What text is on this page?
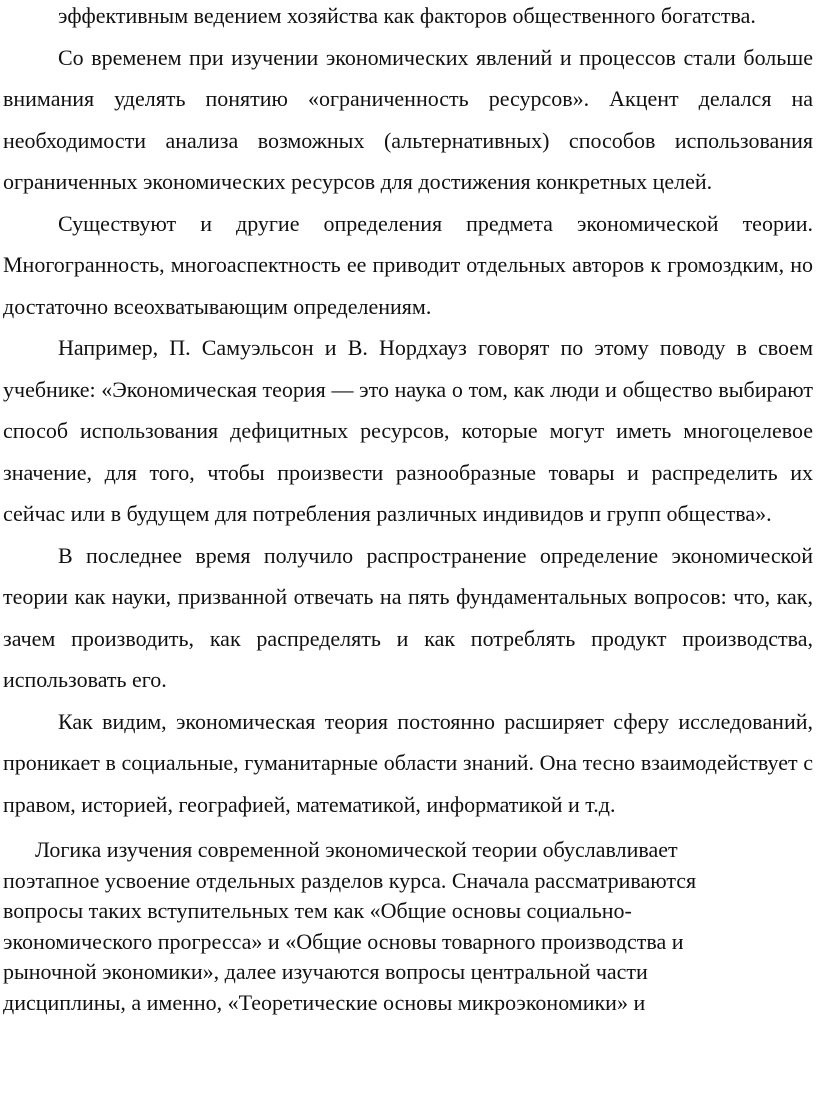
эффективным ведением хозяйства как факторов общественного богатства.

Со временем при изучении экономических явлений и процессов стали больше внимания уделять понятию «ограниченность ресурсов». Акцент делался на необходимости анализа возможных (альтернативных) способов использования ограниченных экономических ресурсов для достижения конкретных целей.

Существуют и другие определения предмета экономической теории. Многогранность, многоаспектность ее приводит отдельных авторов к громоздким, но достаточно всеохватывающим определениям.

Например, П. Самуэльсон и В. Нордхауз говорят по этому поводу в своем учебнике: «Экономическая теория — это наука о том, как люди и общество выбирают способ использования дефицитных ресурсов, которые могут иметь многоцелевое значение, для того, чтобы произвести разнообразные товары и распределить их сейчас или в будущем для потребления различных индивидов и групп общества».

В последнее время получило распространение определение экономической теории как науки, призванной отвечать на пять фундаментальных вопросов: что, как, зачем производить, как распределять и как потреблять продукт производства, использовать его.

Как видим, экономическая теория постоянно расширяет сферу исследований, проникает в социальные, гуманитарные области знаний. Она тесно взаимодействует с правом, историей, географией, математикой, информатикой и т.д.

Логика изучения современной экономической теории обуславливает поэтапное усвоение отдельных разделов курса. Сначала рассматриваются вопросы таких вступительных тем как «Общие основы социально-экономического прогресса» и «Общие основы товарного производства и рыночной экономики», далее изучаются вопросы центральной части дисциплины, а именно, «Теоретические основы микроэкономики» и
